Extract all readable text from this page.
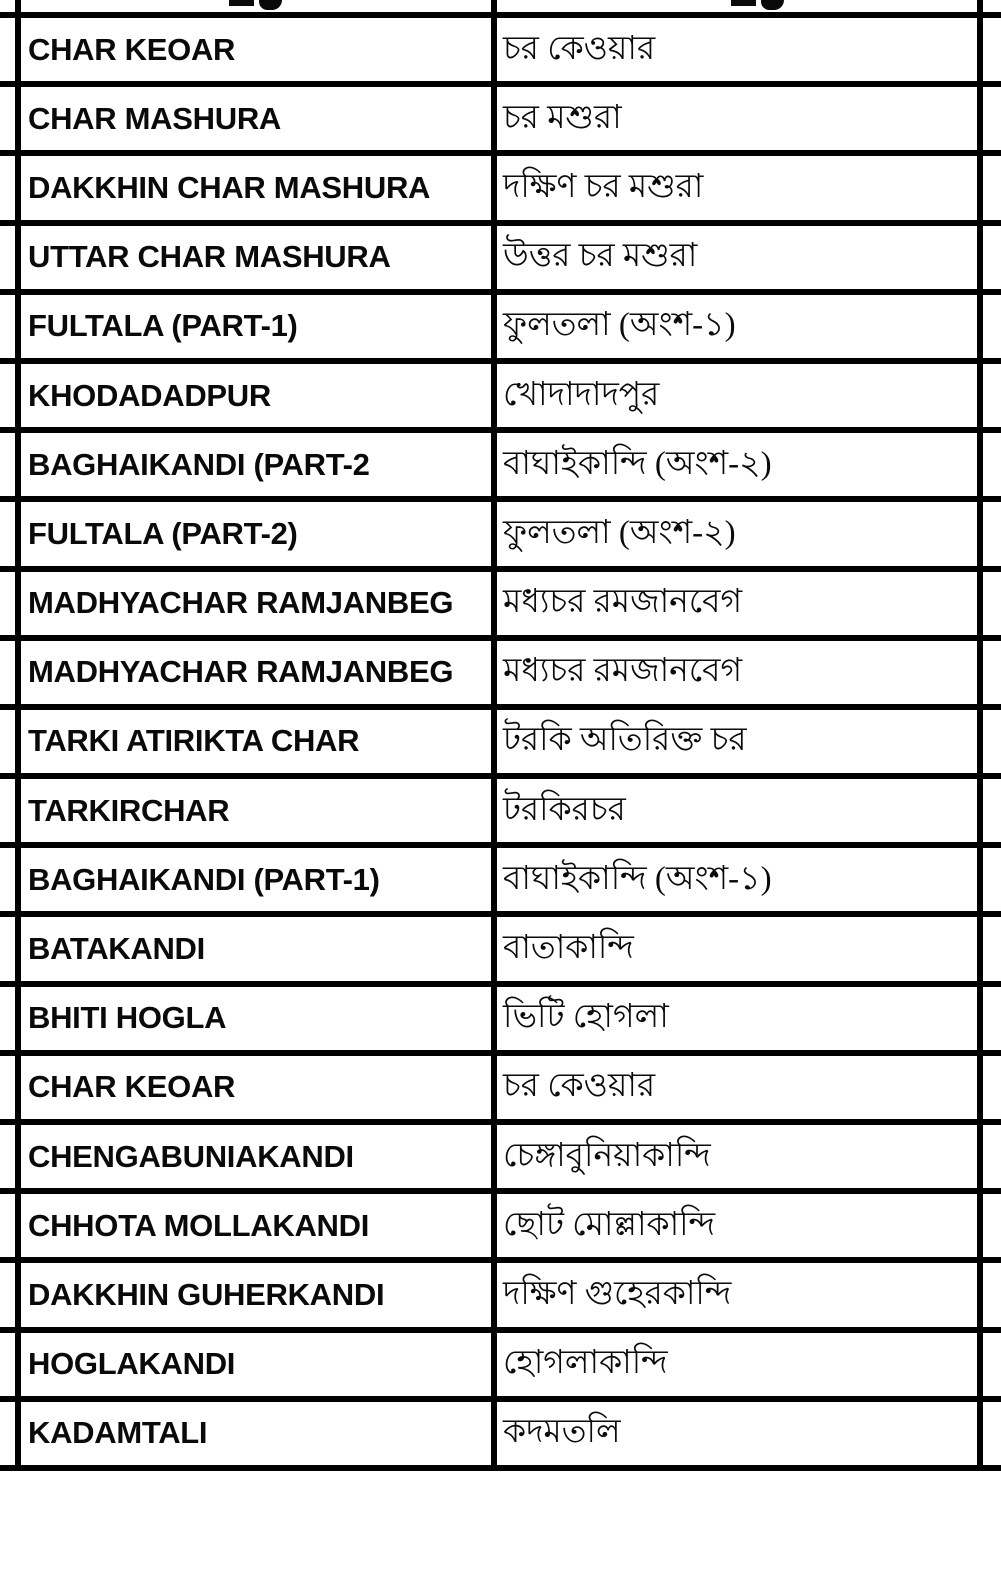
CHAR KEOAR	চর কেওয়ার
CHAR MASHURA	চর মশুরা
DAKKHIN CHAR MASHURA	দক্ষিণ চর মশুরা
UTTAR CHAR MASHURA	উত্তর চর মশুরা
FULTALA (PART-1)	ফুলতলা (অংশ-১)
KHODADADPUR	খোদাদাদপুর
BAGHAIKANDI (PART-2	বাঘাইকান্দি (অংশ-২)
FULTALA (PART-2)	ফুলতলা (অংশ-২)
MADHYACHAR RAMJANBEG	মধ্যচর রমজানবেগ
MADHYACHAR RAMJANBEG	মধ্যচর রমজানবেগ
TARKI ATIRIKTA CHAR	টরকি অতিরিক্ত চর
TARKIRCHAR	টরকিরচর
BAGHAIKANDI (PART-1)	বাঘাইকান্দি (অংশ-১)
BATAKANDI	বাতাকান্দি
BHITI HOGLA	ভিটি হোগলা
CHAR KEOAR	চর কেওয়ার
CHENGABUNIAKANDI	চেঙ্গাবুনিয়াকান্দি
CHHOTA MOLLAKANDI	ছোট মোল্লাকান্দি
DAKKHIN GUHERKANDI	দক্ষিণ গুহেরকান্দি
HOGLAKANDI	হোগলাকান্দি
KADAMTALI	কদমতলি
